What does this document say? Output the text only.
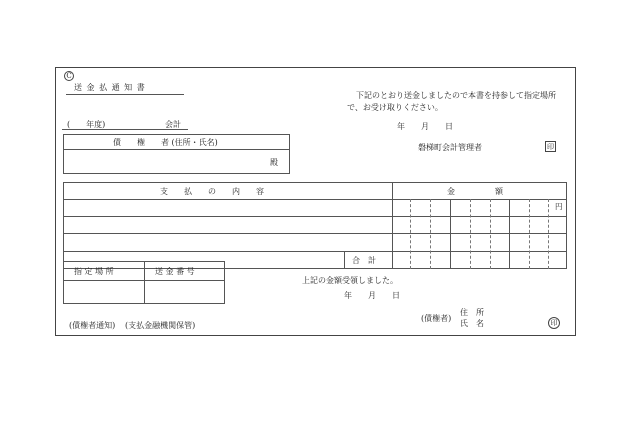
C
送 金 払 通 知 書
下記のとおり送金しましたので本書を持参して指定場所
で、お受け取りください。
(　　年度)	会計	年　　月　　日
債　　権　　者 (住所・氏名)
殿
磐梯町会計管理者	印
支　　払　　の　　内　　容	金　　　　　額
円
合　計
指 定 場 所	送 金 番 号
上記の金額受領しました。
年　　月　　日
(債権者)
住　所
氏　名	印
(債権者通知) (支払金融機関保管)
